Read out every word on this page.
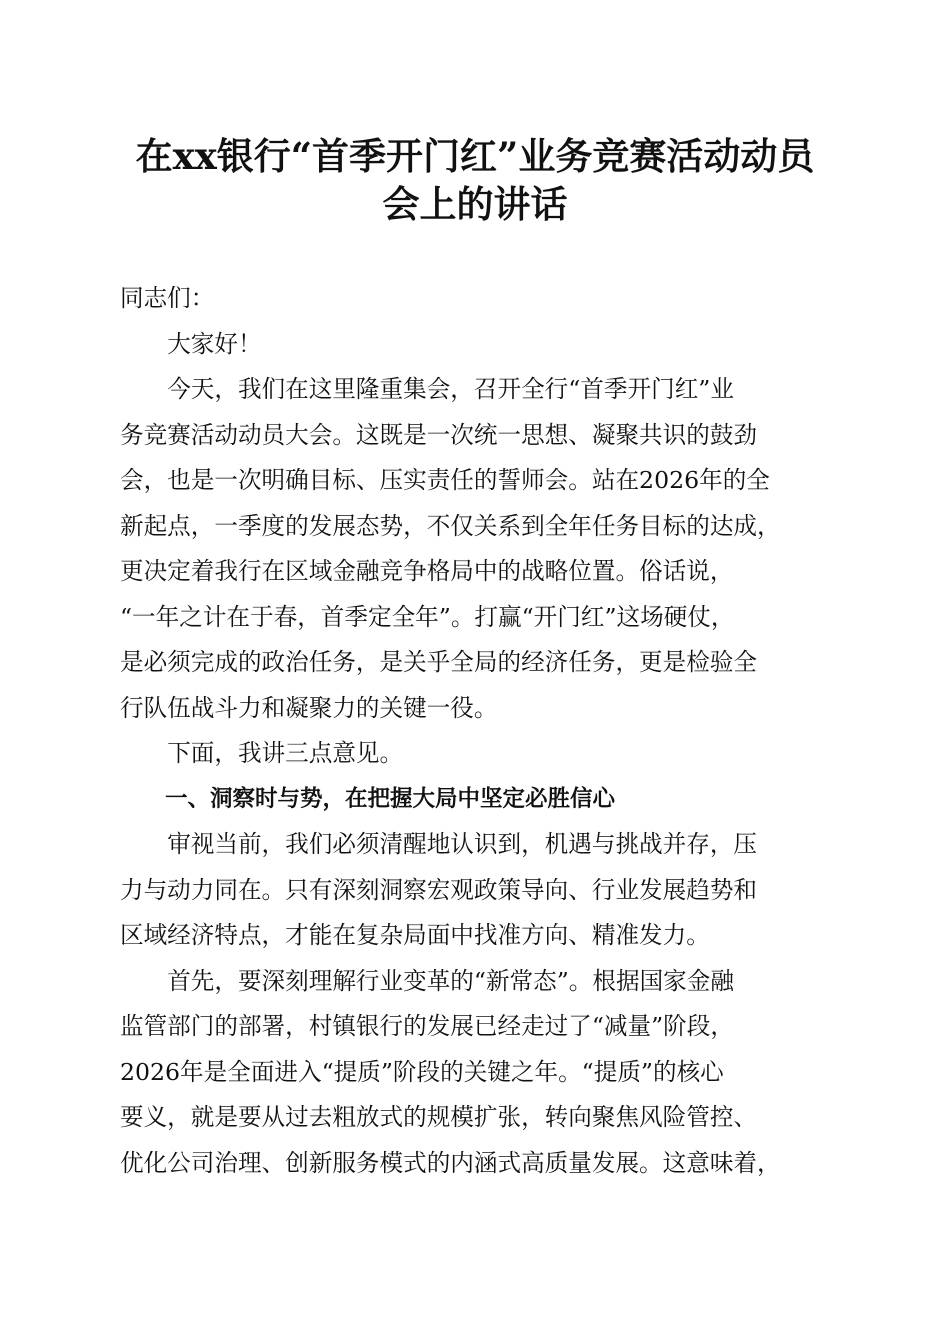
在xx银行“首季开门红”业务竞赛活动动员
会上的讲话

同志们：

大家好！

今天，我们在这里隆重集会，召开全行“首季开门红”业
务竞赛活动动员大会。这既是一次统一思想、凝聚共识的鼓劲
会，也是一次明确目标、压实责任的誓师会。站在2026年的全
新起点，一季度的发展态势，不仅关系到全年任务目标的达成，
更决定着我行在区域金融竞争格局中的战略位置。俗话说，
“一年之计在于春，首季定全年”。打赢“开门红”这场硬仗，
是必须完成的政治任务，是关乎全局的经济任务，更是检验全
行队伍战斗力和凝聚力的关键一役。

下面，我讲三点意见。

一、洞察时与势，在把握大局中坚定必胜信心

审视当前，我们必须清醒地认识到，机遇与挑战并存，压
力与动力同在。只有深刻洞察宏观政策导向、行业发展趋势和
区域经济特点，才能在复杂局面中找准方向、精准发力。

首先，要深刻理解行业变革的“新常态”。根据国家金融
监管部门的部署，村镇银行的发展已经走过了“减量”阶段，
2026年是全面进入“提质”阶段的关键之年。“提质”的核心
要义，就是要从过去粗放式的规模扩张，转向聚焦风险管控、
优化公司治理、创新服务模式的内涵式高质量发展。这意味着，
